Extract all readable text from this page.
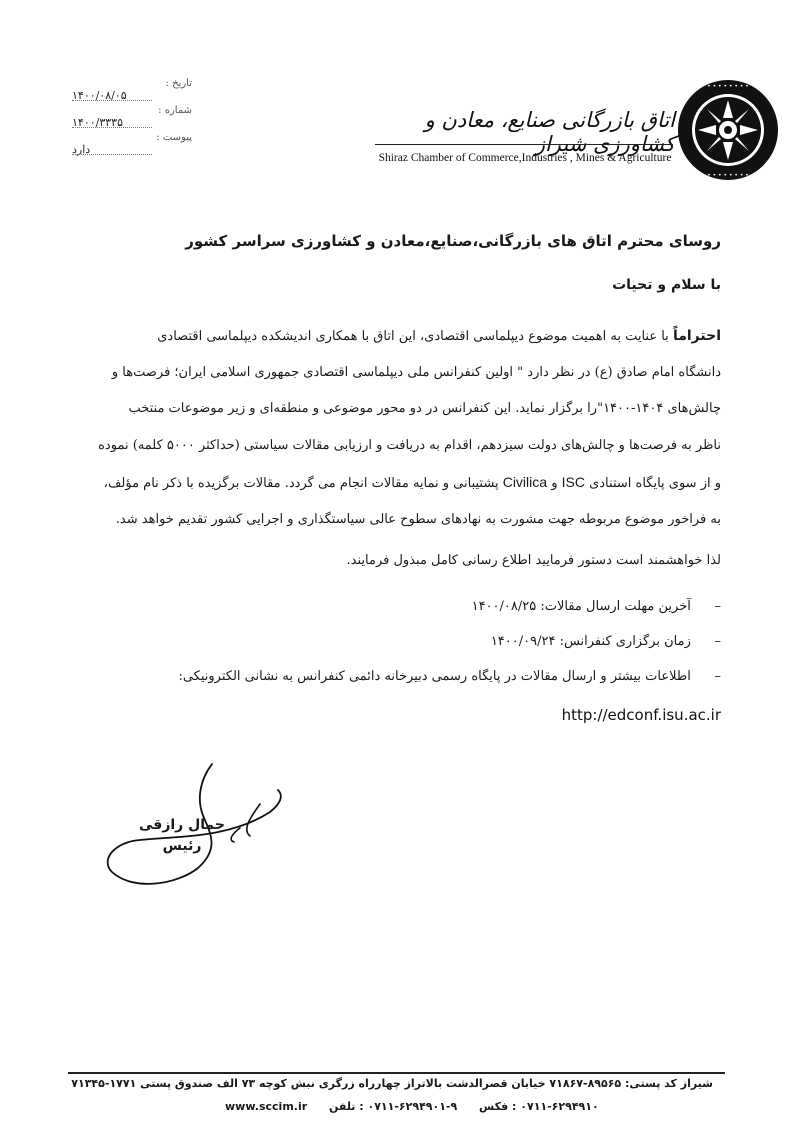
تاریخ :
۱۴۰۰/۰۸/۰۵
شماره :
۱۴۰۰/۳۳۳۵
پیوست :
دارد
• • • • • • • •
• • • • • • • •
اتاق بازرگانی صنایع، معادن و کشاورزی شیراز
Shiraz Chamber of Commerce,Industries , Mines & Agriculture
روسای محترم اتاق های بازرگانی،صنایع،معادن و کشاورزی سراسر کشور
با سلام و تحیات
احتراماً با عنایت به اهمیت موضوع دیپلماسی اقتصادی، این اتاق با همکاری اندیشکده دیپلماسی اقتصادی
دانشگاه امام صادق (ع) در نظر دارد " اولین کنفرانس ملی دیپلماسی اقتصادی جمهوری اسلامی ایران؛ فرصت‌ها و
چالش‌های ۱۴۰۴-۱۴۰۰"را برگزار نماید. این کنفرانس در دو محور موضوعی و منطقه‌ای و زیر موضوعات منتخب
ناظر به فرصت‌ها و چالش‌های دولت سیزدهم، اقدام به دریافت و ارزیابی مقالات سیاستی (حداکثر ۵۰۰۰ کلمه) نموده
و از سوی پایگاه استنادی ISC و Civilica پشتیبانی و نمایه مقالات انجام می گردد. مقالات برگزیده با ذکر نام مؤلف،
به فراخور موضوع مربوطه جهت مشورت به نهادهای سطوح عالی سیاستگذاری و اجرایی کشور تقدیم خواهد شد.
لذا خواهشمند است دستور فرمایید اطلاع رسانی کامل مبذول فرمایند.
– آخرین مهلت ارسال مقالات: ۱۴۰۰/۰۸/۲۵
– زمان برگزاری کنفرانس: ۱۴۰۰/۰۹/۲۴
– اطلاعات بیشتر و ارسال مقالات در پایگاه رسمی دبیرخانه دائمی کنفرانس به نشانی الکترونیکی:
http://edconf.isu.ac.ir
جمال رازقی
رئیس
شیراز کد پستی: ۸۹۵۶۵-۷۱۸۶۷ خیابان قصرالدشت بالاتراز چهارراه زرگری نبش کوچه ۷۳ الف صندوق پستی ۱۷۷۱-۷۱۳۴۵
www.sccim.ir	۰۷۱۱-۶۲۹۴۹۱۰ : فکس ۰۷۱۱-۶۲۹۴۹۰۱-۹ : تلفن
